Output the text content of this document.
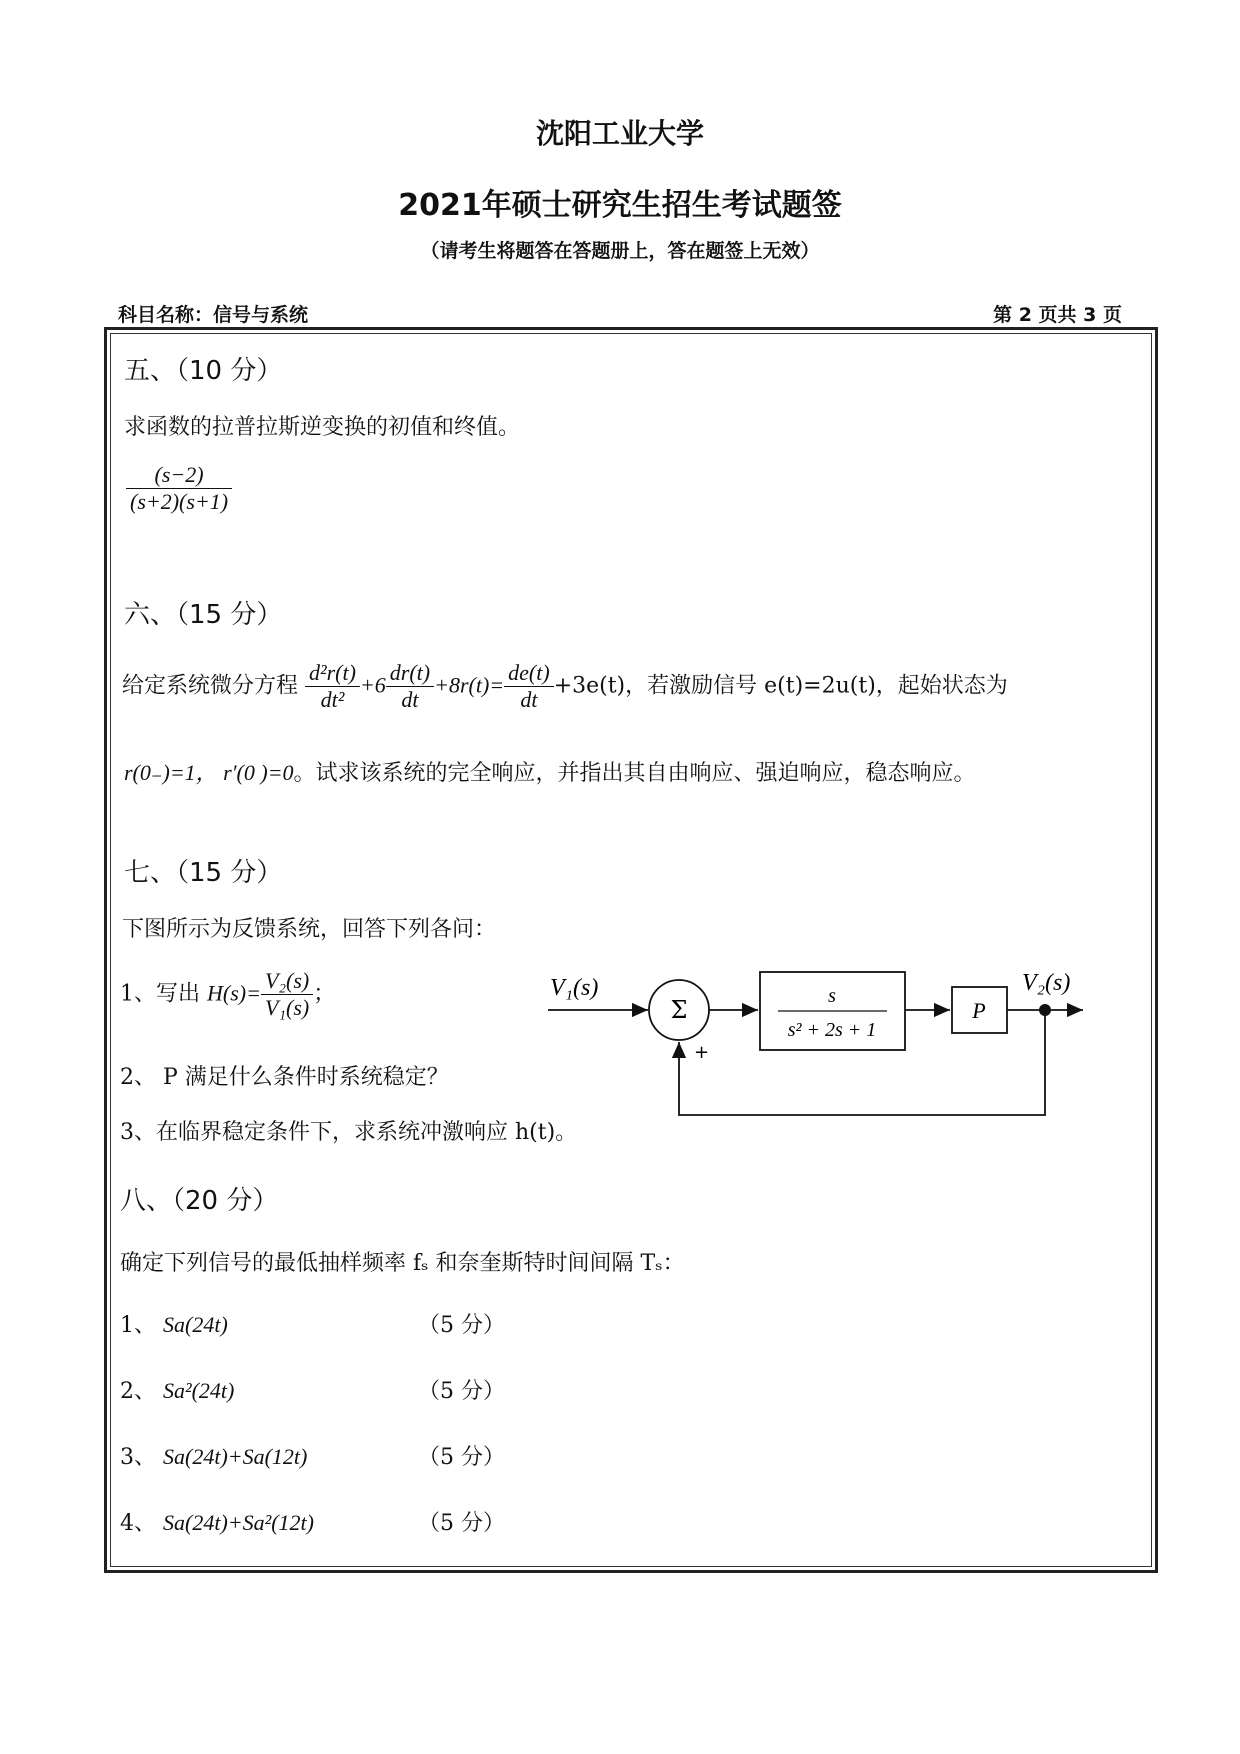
沈阳工业大学
2021年硕士研究生招生考试题签
（请考生将题答在答题册上，答在题签上无效）
科目名称：信号与系统	第 2 页共 3 页
五、（10 分）
求函数的拉普拉斯逆变换的初值和终值。
$\frac{(s-2)}{(s+2)(s+1)}$
六、（15 分）
给定系统微分方程 $\frac{\text{d²r(t)}}{\text{dt²}} +6 \frac{dr(t)}{dt} +8r(t)= \frac{de(t)}{dt} +3e(t)$，若激励信号 e(t)=2u(t)，起始状态为
r(0₋)=1， r′(0 )=0。试求该系统的完全响应，并指出其自由响应、强迫响应，稳态响应。
七、（15 分）
下图所示为反馈系统，回答下列各问：
1、写出 $H(s)= \frac{\text{V₂(s)}}{\text{V₁(s)}}$ ；
2、 P 满足什么条件时系统稳定？
3、在临界稳定条件下，求系统冲激响应 h(t)。
V₁(s)
Σ
+
s
s² + 2s + 1
P
V₂(s)
八、（20 分）
确定下列信号的最低抽样频率 fₛ 和奈奎斯特时间间隔 Tₛ：
1、 Sa(24t)	（5 分）
2、 Sa²(24t)	（5 分）
3、 Sa(24t)+Sa(12t)	（5 分）
4、 Sa(24t)+Sa²(12t)	（5 分）
